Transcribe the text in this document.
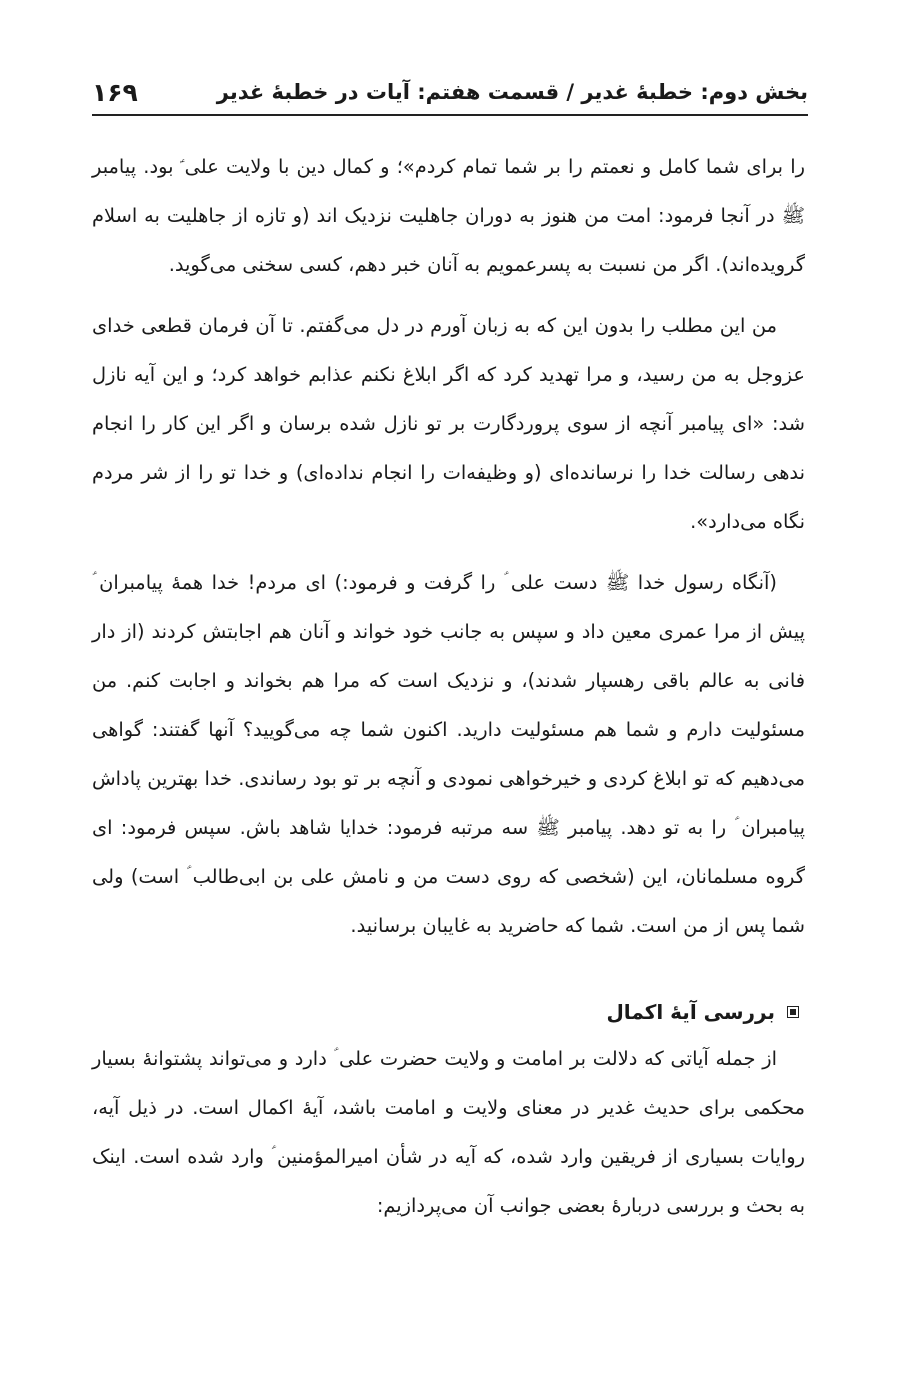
بخش دوم: خطبهٔ غدیر / قسمت هفتم: آیات در خطبهٔ غدیر
۱۶۹

را برای شما کامل و نعمتم را بر شما تمام کردم»؛ و کمال دین با ولایت علی ؑ بود. پیامبر ﷺ در آنجا فرمود: امت من هنوز به دوران جاهلیت نزدیک اند (و تازه از جاهلیت به اسلام گرویده‌اند). اگر من نسبت به پسرعمویم به آنان خبر دهم، کسی سخنی می‌گوید.

من این مطلب را بدون این که به زبان آورم در دل می‌گفتم. تا آن فرمان قطعی خدای عزوجل به من رسید، و مرا تهدید کرد که اگر ابلاغ نکنم عذابم خواهد کرد؛ و این آیه نازل شد: «ای پیامبر آنچه از سوی پروردگارت بر تو نازل شده برسان و اگر این کار را انجام ندهی رسالت خدا را نرسانده‌ای (و وظیفه‌ات را انجام نداده‌ای) و خدا تو را از شر مردم نگاه می‌دارد».

(آنگاه رسول خدا ﷺ دست علی ؑ را گرفت و فرمود:) ای مردم! خدا همهٔ پیامبران ؑ پیش از مرا عمری معین داد و سپس به جانب خود خواند و آنان هم اجابتش کردند (از دار فانی به عالم باقی رهسپار شدند)، و نزدیک است که مرا هم بخواند و اجابت کنم. من مسئولیت دارم و شما هم مسئولیت دارید. اکنون شما چه می‌گویید؟ آنها گفتند: گواهی می‌دهیم که تو ابلاغ کردی و خیرخواهی نمودی و آنچه بر تو بود رساندی. خدا بهترین پاداش پیامبران ؑ را به تو دهد. پیامبر ﷺ سه مرتبه فرمود: خدایا شاهد باش. سپس فرمود: ای گروه مسلمانان، این (شخصی که روی دست من و نامش علی بن ابی‌طالب ؑ است) ولی شما پس از من است. شما که حاضرید به غایبان برسانید.

بررسی آیهٔ اکمال

از جمله آیاتی که دلالت بر امامت و ولایت حضرت علی ؑ دارد و می‌تواند پشتوانهٔ بسیار محکمی برای حدیث غدیر در معنای ولایت و امامت باشد، آیهٔ اکمال است. در ذیل آیه، روایات بسیاری از فریقین وارد شده، که آیه در شأن امیرالمؤمنین ؑ وارد شده است. اینک به بحث و بررسی دربارهٔ بعضی جوانب آن می‌پردازیم:
